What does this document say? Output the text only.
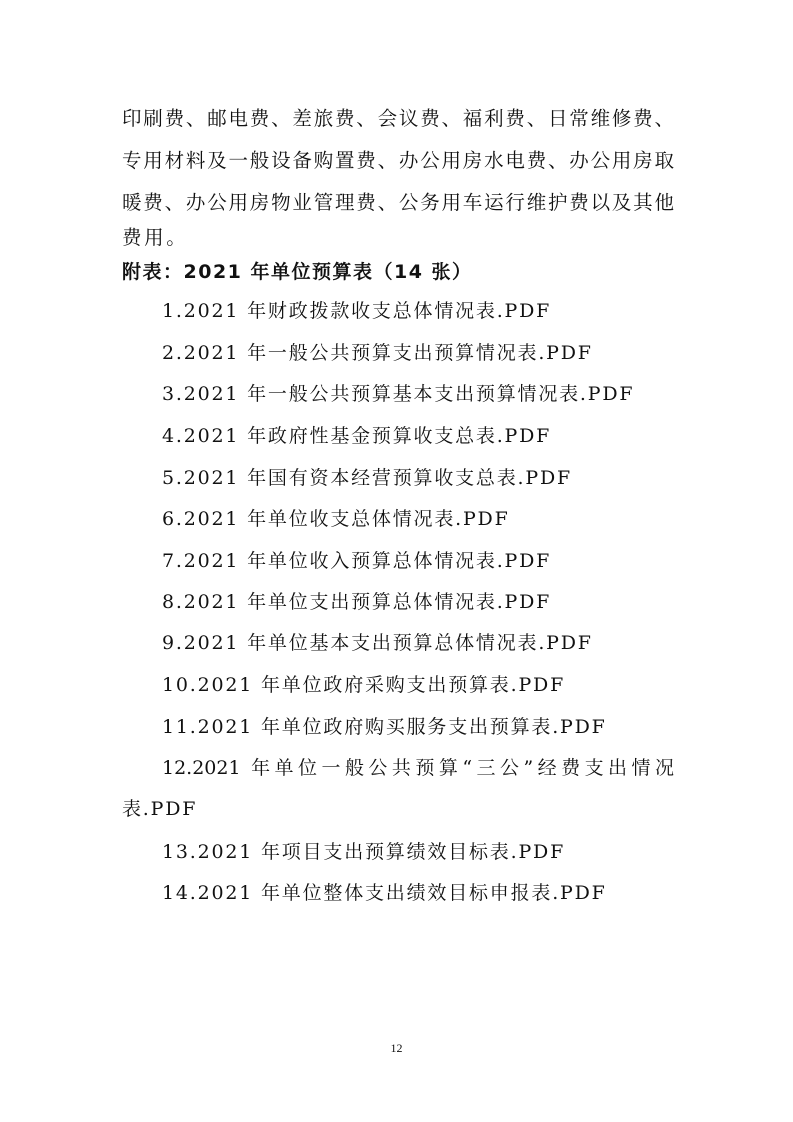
印刷费、邮电费、差旅费、会议费、福利费、日常维修费、
专用材料及一般设备购置费、办公用房水电费、办公用房取
暖费、办公用房物业管理费、公务用车运行维护费以及其他
费用。
附表：2021 年单位预算表（14 张）
1.2021 年财政拨款收支总体情况表.PDF
2.2021 年一般公共预算支出预算情况表.PDF
3.2021 年一般公共预算基本支出预算情况表.PDF
4.2021 年政府性基金预算收支总表.PDF
5.2021 年国有资本经营预算收支总表.PDF
6.2021 年单位收支总体情况表.PDF
7.2021 年单位收入预算总体情况表.PDF
8.2021 年单位支出预算总体情况表.PDF
9.2021 年单位基本支出预算总体情况表.PDF
10.2021 年单位政府采购支出预算表.PDF
11.2021 年单位政府购买服务支出预算表.PDF
12.2021 年单位一般公共预算“三公”经费支出情况
表.PDF
13.2021 年项目支出预算绩效目标表.PDF
14.2021 年单位整体支出绩效目标申报表.PDF
12
